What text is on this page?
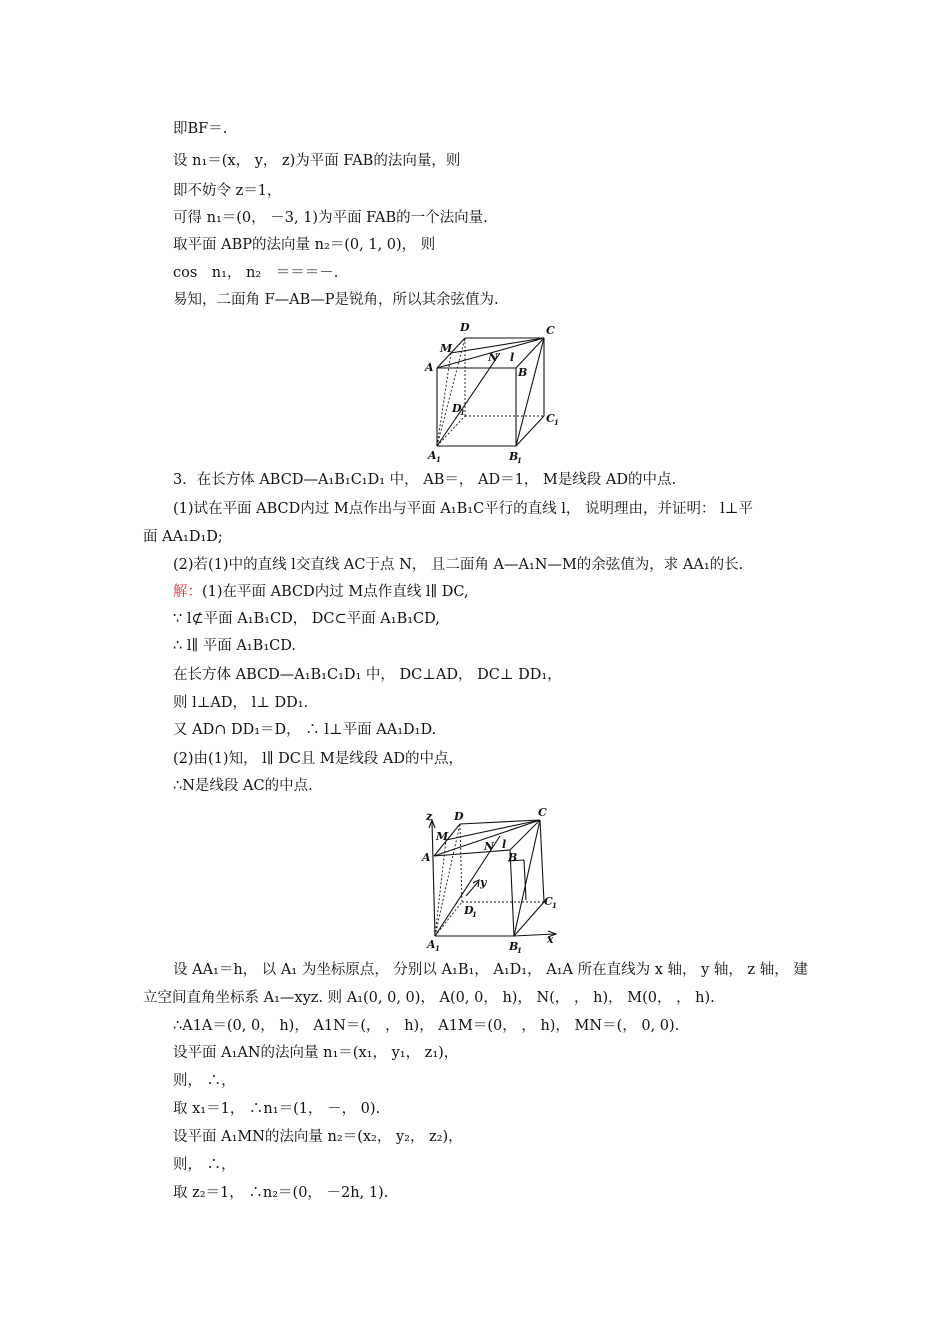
即BF＝.
设 n₁＝(x， y， z)为平面 FAB的法向量，则
即不妨令 z＝1，
可得 n₁＝(0， －3, 1)为平面 FAB的一个法向量.
取平面 ABP的法向量 n₂＝(0, 1, 0)， 则
cos　n₁， n₂　＝＝＝－.
易知，二面角 F—AB—P是锐角，所以其余弦值为.
D	C
M
N l
A	B
D
1	C 1
A 1	B
1
3．在长方体 ABCD—A₁B₁C₁D₁ 中， AB＝， AD＝1， M是线段 AD的中点.
(1)试在平面 ABCD内过 M点作出与平面 A₁B₁C平行的直线 l， 说明理由，并证明： l⊥平
面 AA₁D₁D;
(2)若(1)中的直线 l交直线 AC于点 N， 且二面角 A—A₁N—M的余弦值为，求 AA₁的长.
解：(1)在平面 ABCD内过 M点作直线 l∥ DC,
∵ l⊄平面 A₁B₁CD， DC⊂平面 A₁B₁CD,
∴ l∥ 平面 A₁B₁CD.
在长方体 ABCD—A₁B₁C₁D₁ 中， DC⊥AD， DC⊥ DD₁，
则 l⊥AD， l⊥ DD₁.
又 AD∩ DD₁＝D， ∴ l⊥平面 AA₁D₁D.
(2)由(1)知， l∥ DC且 M是线段 AD的中点，
∴N是线段 AC的中点.
z D	C
M
N l
A	B
y
D
1
C 1
A 1	B
1
x
设 AA₁＝h， 以 A₁ 为坐标原点， 分别以 A₁B₁， A₁D₁， A₁A 所在直线为 x 轴， y 轴， z 轴， 建
立空间直角坐标系 A₁—xyz. 则 A₁(0, 0, 0)， A(0, 0， h)， N(， ， h)， M(0， ， h).
∴A1A＝(0, 0， h)， A1N＝(， ， h)， A1M＝(0， ， h)， MN＝(， 0, 0).
设平面 A₁AN的法向量 n₁＝(x₁， y₁， z₁)，
则， ∴，
取 x₁＝1， ∴n₁＝(1， －， 0).
设平面 A₁MN的法向量 n₂＝(x₂， y₂， z₂)，
则， ∴，
取 z₂＝1， ∴n₂＝(0， －2h, 1).
